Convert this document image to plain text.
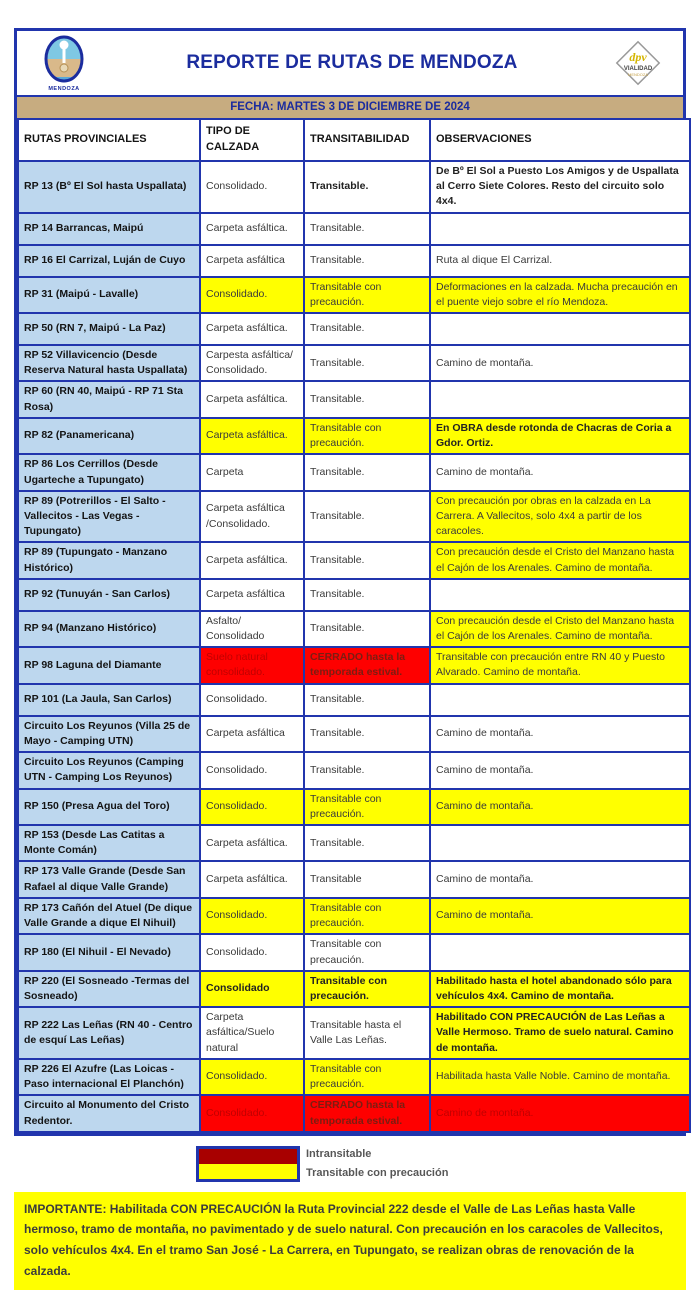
MENDOZA
REPORTE DE RUTAS DE MENDOZA	dpv
VIALIDAD
MENDOZA
FECHA: MARTES 3 DE DICIEMBRE DE 2024
RUTAS PROVINCIALES	TIPO DE CALZADA	TRANSITABILIDAD	OBSERVACIONES
RP 13 (Bº El Sol hasta Uspallata)	Consolidado.	Transitable.	De Bº El Sol a Puesto Los Amigos y de Uspallata al Cerro Siete Colores. Resto del circuito solo 4x4.
RP 14 Barrancas, Maipú	Carpeta asfáltica.	Transitable.	
RP 16 El Carrizal, Luján de Cuyo	Carpeta asfáltica	Transitable.	Ruta al dique El Carrizal.
RP 31 (Maipú - Lavalle)	Consolidado.	Transitable con precaución.	Deformaciones en la calzada. Mucha precaución en el puente viejo sobre el río Mendoza.
RP 50 (RN 7, Maipú - La Paz)	Carpeta asfáltica.	Transitable.	
RP 52 Villavicencio (Desde Reserva Natural hasta Uspallata)	Carpesta asfáltica/ Consolidado.	Transitable.	Camino de montaña.
RP 60 (RN 40, Maipú - RP 71 Sta Rosa)	Carpeta asfáltica.	Transitable.	
RP 82 (Panamericana)	Carpeta asfáltica.	Transitable con precaución.	En OBRA desde rotonda de Chacras de Coria a Gdor. Ortiz.
RP 86 Los Cerrillos (Desde Ugarteche a Tupungato)	Carpeta	Transitable.	Camino de montaña.
RP 89 (Potrerillos - El Salto - Vallecitos - Las Vegas -Tupungato)	Carpeta asfáltica /Consolidado.	Transitable.	Con precaución por obras en la calzada en La Carrera. A Vallecitos, solo 4x4 a partir de los caracoles.
RP 89 (Tupungato - Manzano Histórico)	Carpeta asfáltica.	Transitable.	Con precaución desde el Cristo del Manzano hasta el Cajón de los Arenales. Camino de montaña.
RP 92 (Tunuyán - San Carlos)	Carpeta asfáltica	Transitable.	
RP 94 (Manzano Histórico)	Asfalto/ Consolidado	Transitable.	Con precaución desde el Cristo del Manzano hasta el Cajón de los Arenales. Camino de montaña.
RP 98 Laguna del Diamante	Suelo natural consolidado.	CERRADO hasta la temporada estival.	Transitable con precaución entre RN 40 y Puesto Alvarado. Camino de montaña.
RP 101 (La Jaula, San Carlos)	Consolidado.	Transitable.	
Circuito Los Reyunos (Villa 25 de Mayo - Camping UTN)	Carpeta asfáltica	Transitable.	Camino de montaña.
Circuito Los Reyunos (Camping UTN - Camping Los Reyunos)	Consolidado.	Transitable.	Camino de montaña.
RP 150 (Presa Agua del Toro)	Consolidado.	Transitable con precaución.	Camino de montaña.
RP 153 (Desde Las Catitas a Monte Comán)	Carpeta asfáltica.	Transitable.	
RP 173 Valle Grande (Desde San Rafael al dique Valle Grande)	Carpeta asfáltica.	Transitable	Camino de montaña.
RP 173 Cañón del Atuel (De dique Valle Grande a dique El Nihuil)	Consolidado.	Transitable con precaución.	Camino de montaña.
RP 180 (El Nihuil - El Nevado)	Consolidado.	Transitable con precaución.	
RP 220 (El Sosneado -Termas del Sosneado)	Consolidado	Transitable con precaución.	Habilitado hasta el hotel abandonado sólo para vehículos 4x4. Camino de montaña.
RP 222 Las Leñas (RN 40 - Centro de esquí Las Leñas)	Carpeta asfáltica/Suelo natural	Transitable hasta el Valle Las Leñas.	Habilitado CON PRECAUCIÓN de Las Leñas a Valle Hermoso. Tramo de suelo natural. Camino de montaña.
RP 226 El Azufre (Las Loicas - Paso internacional El Planchón)	Consolidado.	Transitable con precaución.	Habilitada hasta Valle Noble. Camino de montaña.
Circuito al Monumento del Cristo Redentor.	Consolidado.	CERRADO hasta la temporada estival.	Camino de montaña.
Intransitable
Transitable con precaución
IMPORTANTE: Habilitada CON PRECAUCIÓN la Ruta Provincial 222 desde el Valle de Las Leñas hasta Valle hermoso, tramo de montaña, no pavimentado y de suelo natural. Con precaución en los caracoles de Vallecitos, solo vehículos 4x4. En el tramo San José - La Carrera, en Tupungato, se realizan obras de renovación de la calzada.
